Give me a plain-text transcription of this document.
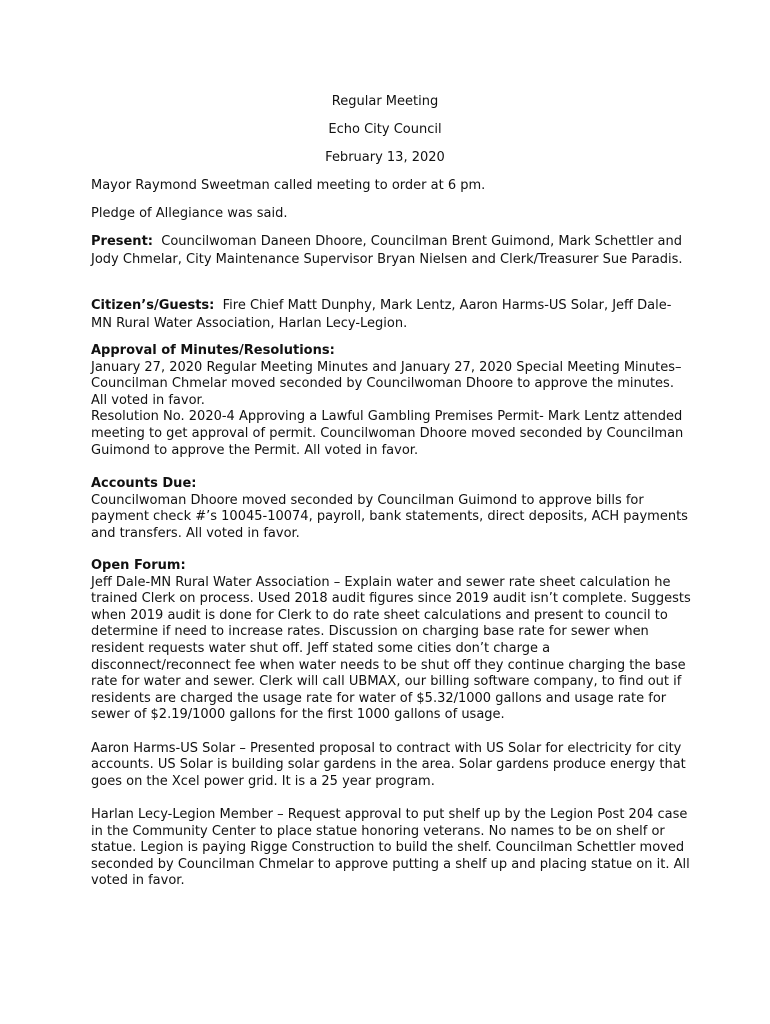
Regular Meeting
Echo City Council
February 13, 2020
Mayor Raymond Sweetman called meeting to order at 6 pm.
Pledge of Allegiance was said.
Present: Councilwoman Daneen Dhoore, Councilman Brent Guimond, Mark Schettler and Jody Chmelar, City Maintenance Supervisor Bryan Nielsen and Clerk/Treasurer Sue Paradis.
Citizen’s/Guests: Fire Chief Matt Dunphy, Mark Lentz, Aaron Harms-US Solar, Jeff Dale-MN Rural Water Association, Harlan Lecy-Legion.
Approval of Minutes/Resolutions:

January 27, 2020 Regular Meeting Minutes and January 27, 2020 Special Meeting Minutes– Councilman Chmelar moved seconded by Councilwoman Dhoore to approve the minutes. All voted in favor.

Resolution No. 2020-4 Approving a Lawful Gambling Premises Permit- Mark Lentz attended meeting to get approval of permit. Councilwoman Dhoore moved seconded by Councilman Guimond to approve the Permit. All voted in favor.

Accounts Due:

Councilwoman Dhoore moved seconded by Councilman Guimond to approve bills for payment check #’s 10045-10074, payroll, bank statements, direct deposits, ACH payments and transfers. All voted in favor.

Open Forum:

Jeff Dale-MN Rural Water Association – Explain water and sewer rate sheet calculation he trained Clerk on process. Used 2018 audit figures since 2019 audit isn’t complete. Suggests when 2019 audit is done for Clerk to do rate sheet calculations and present to council to determine if need to increase rates. Discussion on charging base rate for sewer when resident requests water shut off. Jeff stated some cities don’t charge a disconnect/reconnect fee when water needs to be shut off they continue charging the base rate for water and sewer. Clerk will call UBMAX, our billing software company, to find out if residents are charged the usage rate for water of $5.32/1000 gallons and usage rate for sewer of $2.19/1000 gallons for the first 1000 gallons of usage.

Aaron Harms-US Solar – Presented proposal to contract with US Solar for electricity for city accounts. US Solar is building solar gardens in the area. Solar gardens produce energy that goes on the Xcel power grid. It is a 25 year program.

Harlan Lecy-Legion Member – Request approval to put shelf up by the Legion Post 204 case in the Community Center to place statue honoring veterans. No names to be on shelf or statue. Legion is paying Rigge Construction to build the shelf. Councilman Schettler moved seconded by Councilman Chmelar to approve putting a shelf up and placing statue on it. All voted in favor.
